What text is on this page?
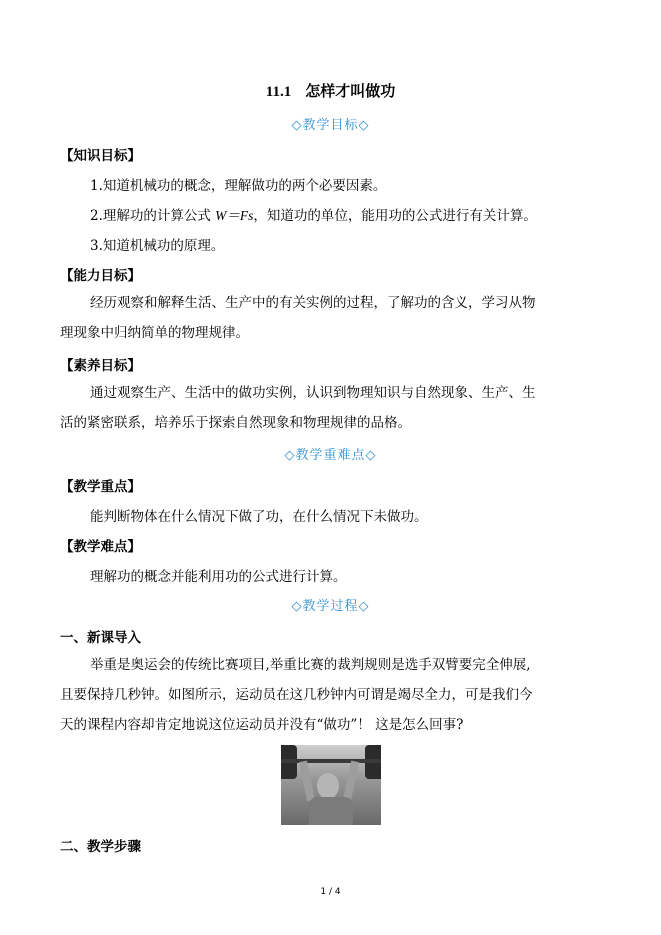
11.1 怎样才叫做功
◇教学目标◇
【知识目标】
1.知道机械功的概念，理解做功的两个必要因素。
2.理解功的计算公式 W＝Fs，知道功的单位，能用功的公式进行有关计算。
3.知道机械功的原理。
【能力目标】
经历观察和解释生活、生产中的有关实例的过程，了解功的含义，学习从物
理现象中归纳简单的物理规律。
【素养目标】
通过观察生产、生活中的做功实例，认识到物理知识与自然现象、生产、生
活的紧密联系，培养乐于探索自然现象和物理规律的品格。
◇教学重难点◇
【教学重点】
能判断物体在什么情况下做了功，在什么情况下未做功。
【教学难点】
理解功的概念并能利用功的公式进行计算。
◇教学过程◇
一、新课导入
举重是奥运会的传统比赛项目,举重比赛的裁判规则是选手双臂要完全伸展,
且要保持几秒钟。如图所示，运动员在这几秒钟内可谓是竭尽全力，可是我们今
天的课程内容却肯定地说这位运动员并没有“做功”！ 这是怎么回事?
二、教学步骤
1 / 4
